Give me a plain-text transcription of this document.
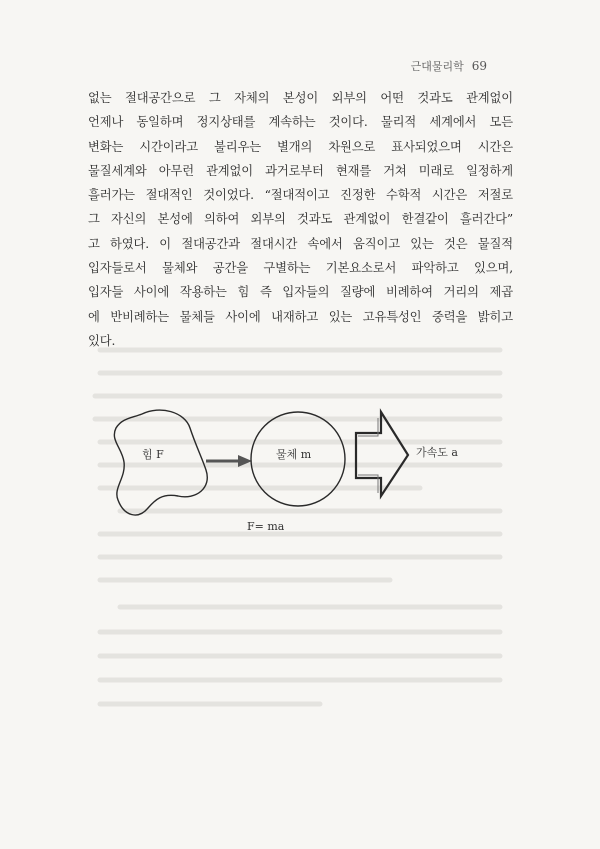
근대물리학 69
없는 절대공간으로 그 자체의 본성이 외부의 어떤 것과도 관계없이
언제나 동일하며 정지상태를 계속하는 것이다. 물리적 세계에서 모든
변화는 시간이라고 불리우는 별개의 차원으로 표사되었으며 시간은
물질세계와 아무런 관계없이 과거로부터 현재를 거쳐 미래로 일정하게
흘러가는 절대적인 것이었다. “절대적이고 진정한 수학적 시간은 저절로
그 자신의 본성에 의하여 외부의 것과도 관계없이 한결같이 흘러간다”
고 하였다. 이 절대공간과 절대시간 속에서 움직이고 있는 것은 물질적
입자들로서 물체와 공간을 구별하는 기본요소로서 파악하고 있으며,
입자들 사이에 작용하는 힘 즉 입자들의 질량에 비례하여 거리의 제곱
에 반비례하는 물체들 사이에 내재하고 있는 고유특성인 중력을 밝히고
있다.
힘 F	물체 m	가속도 a
F= ma
